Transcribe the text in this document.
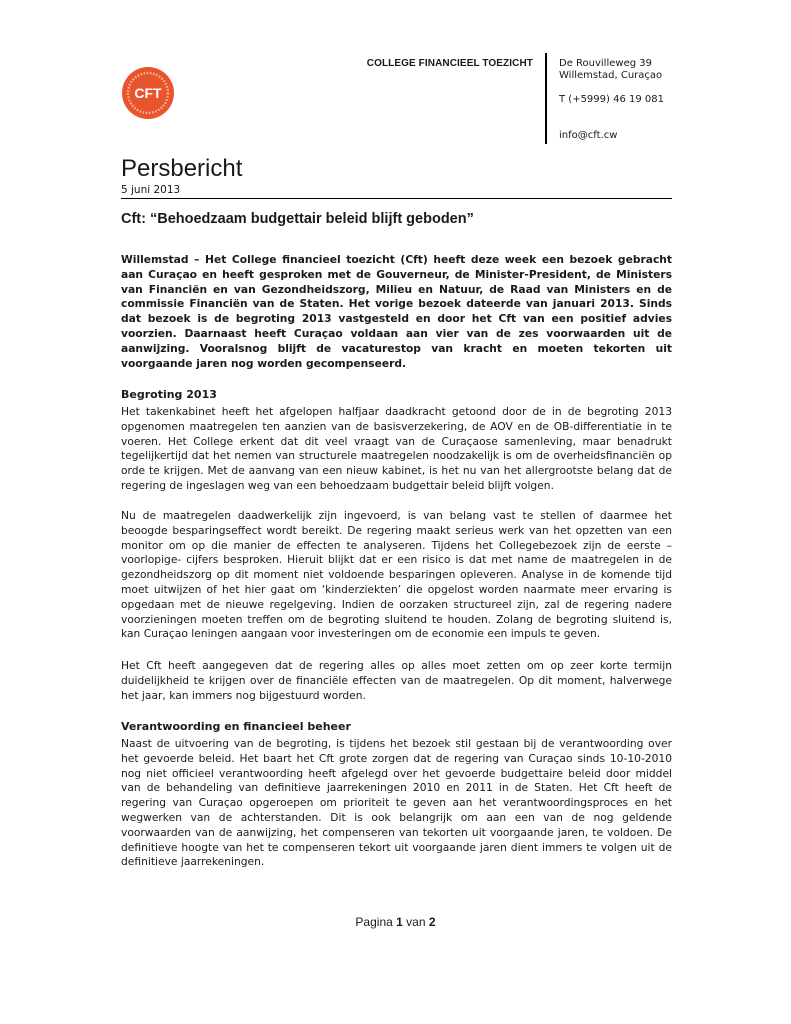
CFT
COLLEGE FINANCIEEL TOEZICHT	De Rouvilleweg 39
Willemstad, Curaçao
T (+5999) 46 19 081
info@cft.cw
Persbericht
5 juni 2013
Cft: “Behoedzaam budgettair beleid blijft geboden”

Willemstad – Het College financieel toezicht (Cft) heeft deze week een bezoek gebracht aan Curaçao en heeft gesproken met de Gouverneur, de Minister-President, de Ministers van Financiën en van Gezondheidszorg, Milieu en Natuur, de Raad van Ministers en de commissie Financiën van de Staten. Het vorige bezoek dateerde van januari 2013. Sinds dat bezoek is de begroting 2013 vastgesteld en door het Cft van een positief advies voorzien. Daarnaast heeft Curaçao voldaan aan vier van de zes voorwaarden uit de aanwijzing. Vooralsnog blijft de vacaturestop van kracht en moeten tekorten uit voorgaande jaren nog worden gecompenseerd.

Begroting 2013

Het takenkabinet heeft het afgelopen halfjaar daadkracht getoond door de in de begroting 2013 opgenomen maatregelen ten aanzien van de basisverzekering, de AOV en de OB-differentiatie in te voeren. Het College erkent dat dit veel vraagt van de Curaçaose samenleving, maar benadrukt tegelijkertijd dat het nemen van structurele maatregelen noodzakelijk is om de overheidsfinanciën op orde te krijgen. Met de aanvang van een nieuw kabinet, is het nu van het allergrootste belang dat de regering de ingeslagen weg van een behoedzaam budgettair beleid blijft volgen.

Nu de maatregelen daadwerkelijk zijn ingevoerd, is van belang vast te stellen of daarmee het beoogde besparingseffect wordt bereikt. De regering maakt serieus werk van het opzetten van een monitor om op die manier de effecten te analyseren. Tijdens het Collegebezoek zijn de eerste – voorlopige- cijfers besproken. Hieruit blijkt dat er een risico is dat met name de maatregelen in de gezondheidszorg op dit moment niet voldoende besparingen opleveren. Analyse in de komende tijd moet uitwijzen of het hier gaat om ‘kinderziekten’ die opgelost worden naarmate meer ervaring is opgedaan met de nieuwe regelgeving. Indien de oorzaken structureel zijn, zal de regering nadere voorzieningen moeten treffen om de begroting sluitend te houden. Zolang de begroting sluitend is, kan Curaçao leningen aangaan voor investeringen om de economie een impuls te geven.

Het Cft heeft aangegeven dat de regering alles op alles moet zetten om op zeer korte termijn duidelijkheid te krijgen over de financiële effecten van de maatregelen. Op dit moment, halverwege het jaar, kan immers nog bijgestuurd worden.

Verantwoording en financieel beheer

Naast de uitvoering van de begroting, is tijdens het bezoek stil gestaan bij de verantwoording over het gevoerde beleid. Het baart het Cft grote zorgen dat de regering van Curaçao sinds 10-10-2010 nog niet officieel verantwoording heeft afgelegd over het gevoerde budgettaire beleid door middel van de behandeling van definitieve jaarrekeningen 2010 en 2011 in de Staten. Het Cft heeft de regering van Curaçao opgeroepen om prioriteit te geven aan het verantwoordingsproces en het wegwerken van de achterstanden. Dit is ook belangrijk om aan een van de nog geldende voorwaarden van de aanwijzing, het compenseren van tekorten uit voorgaande jaren, te voldoen. De definitieve hoogte van het te compenseren tekort uit voorgaande jaren dient immers te volgen uit de definitieve jaarrekeningen.

Pagina 1 van 2
